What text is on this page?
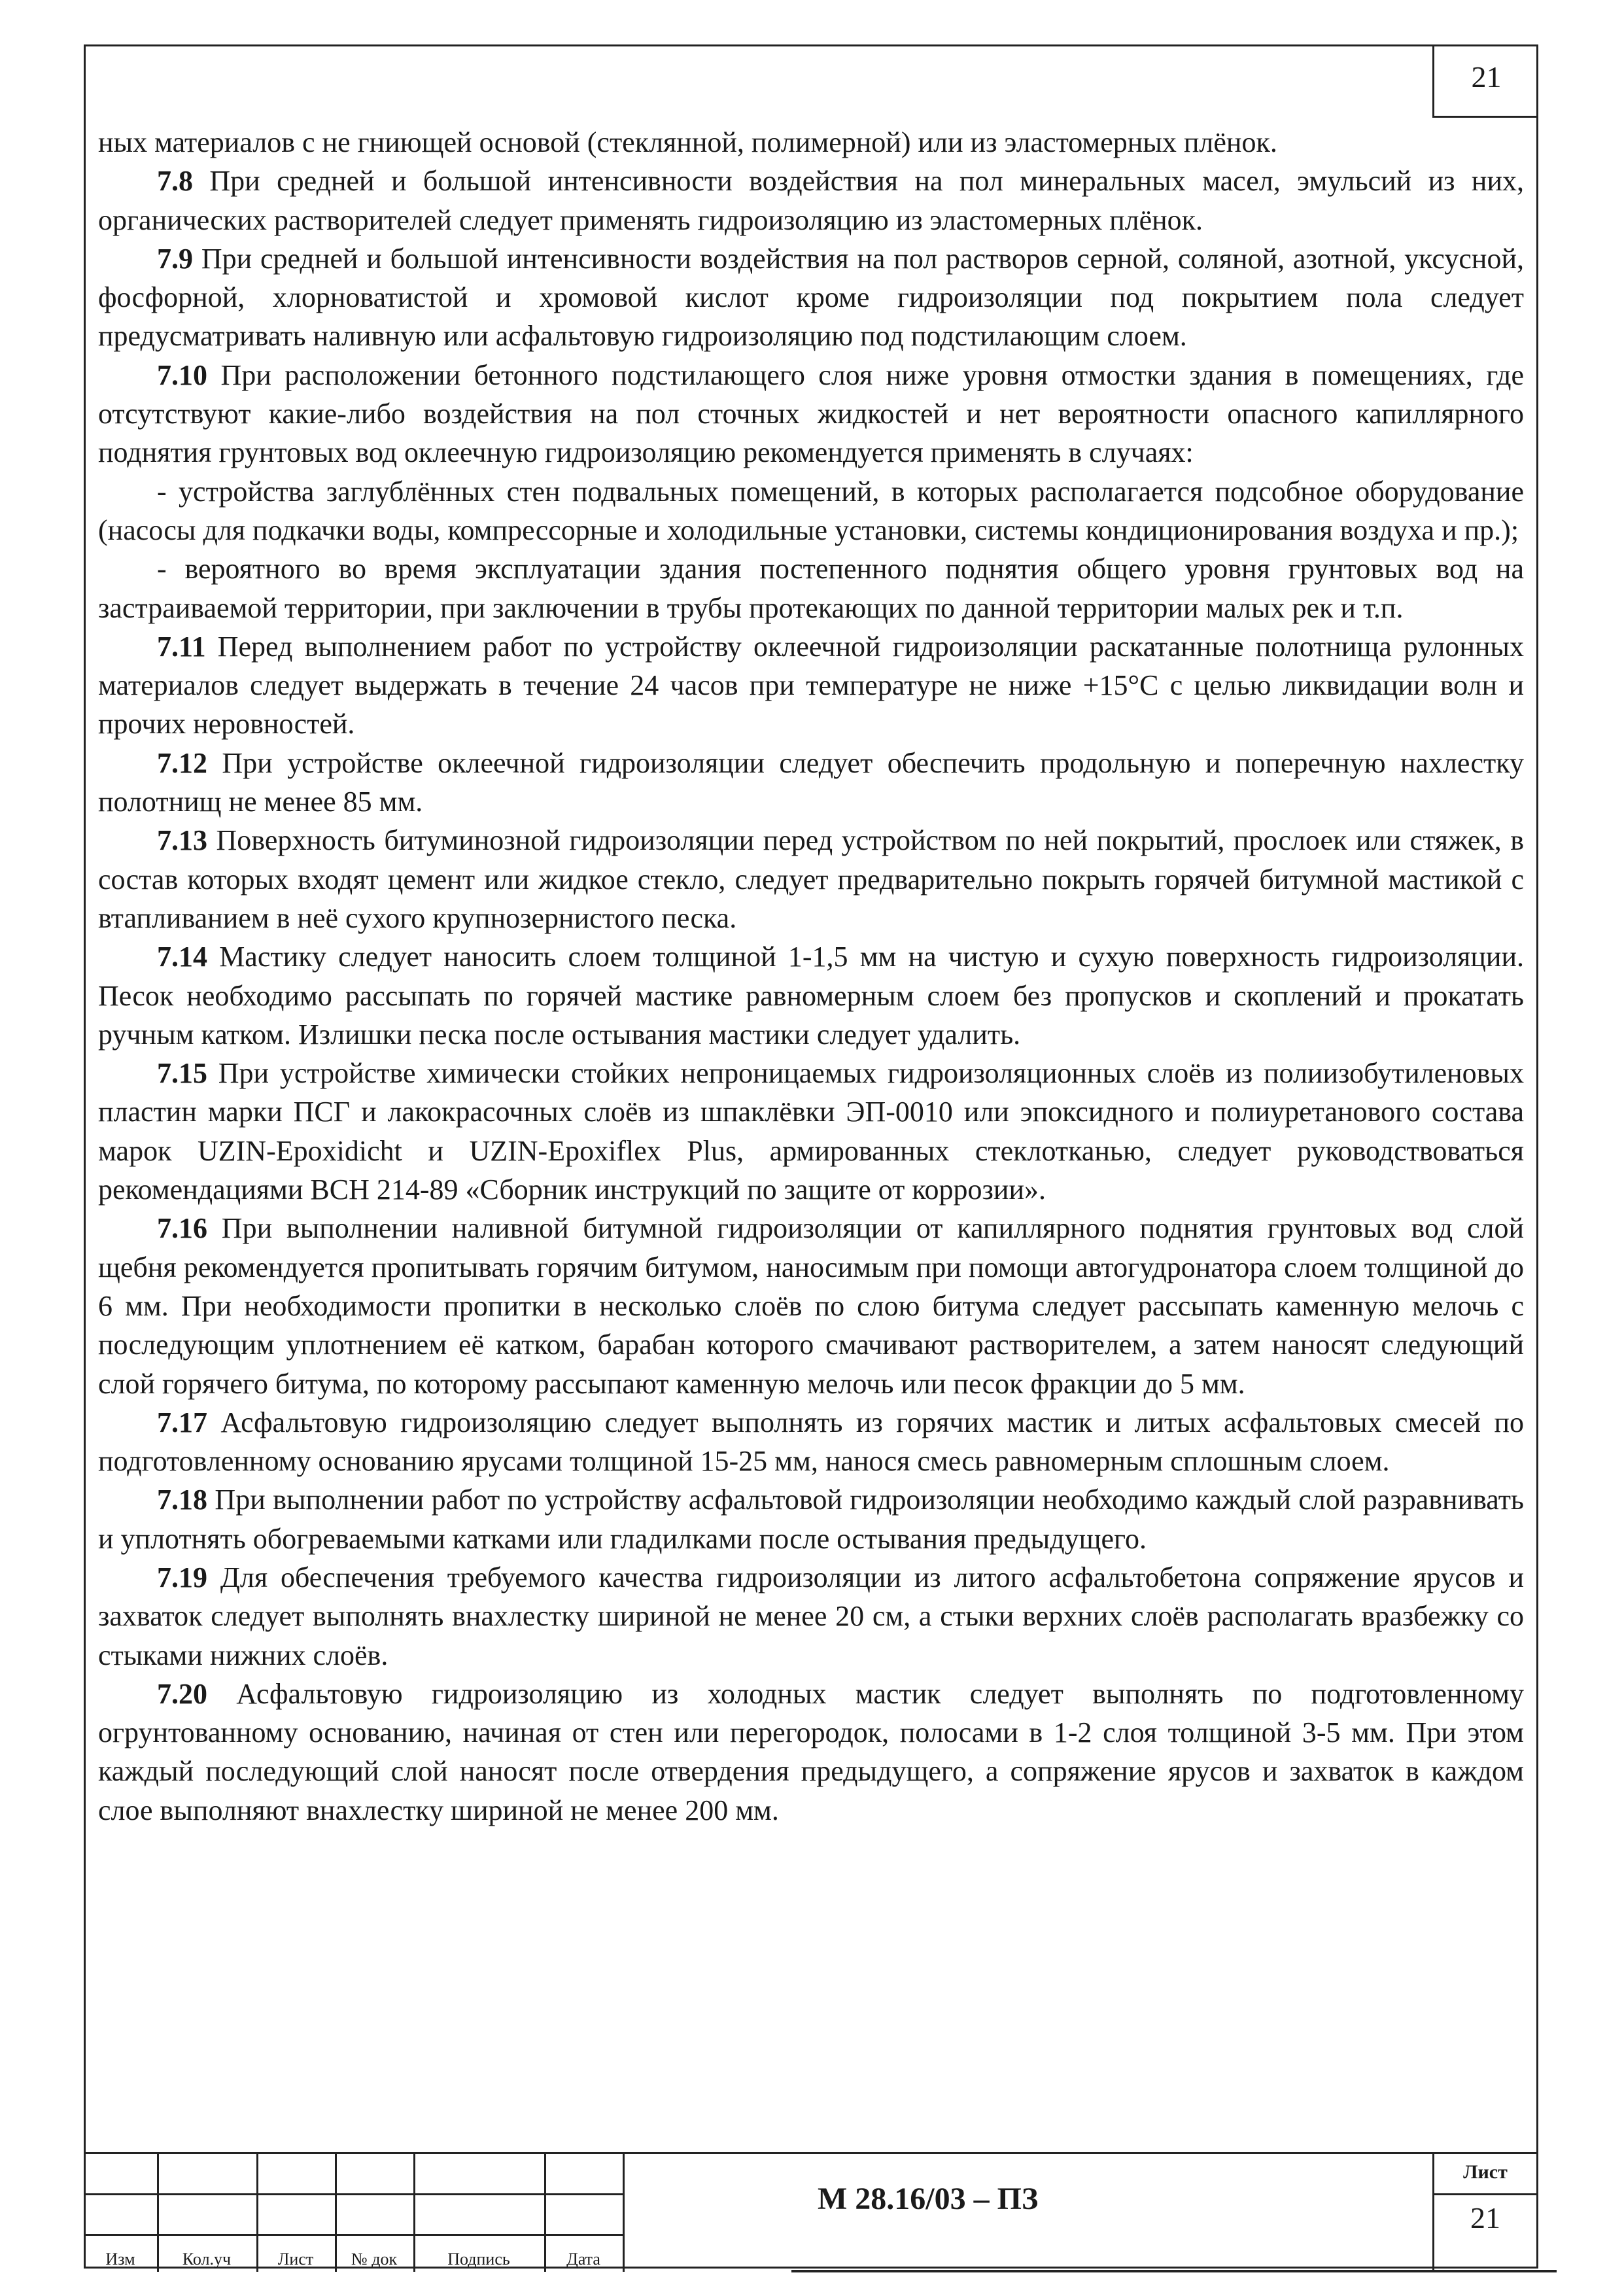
21

ных материалов с не гниющей основой (стеклянной, полимерной) или из эластомерных плёнок.

7.8 При средней и большой интенсивности воздействия на пол минеральных масел, эмульсий из них, органических растворителей следует применять гидроизоляцию из эластомерных плёнок.

7.9 При средней и большой интенсивности воздействия на пол растворов серной, соляной, азотной, уксусной, фосфорной, хлорноватистой и хромовой кислот кроме гидроизоляции под покрытием пола следует предусматривать наливную или асфальтовую гидроизоляцию под подстилающим слоем.

7.10 При расположении бетонного подстилающего слоя ниже уровня отмостки здания в помещениях, где отсутствуют какие-либо воздействия на пол сточных жидкостей и нет вероятности опасного капиллярного поднятия грунтовых вод оклеечную гидроизоляцию рекомендуется применять в случаях:

- устройства заглублённых стен подвальных помещений, в которых располагается подсобное оборудование (насосы для подкачки воды, компрессорные и холодильные установки, системы кондиционирования воздуха и пр.);

- вероятного во время эксплуатации здания постепенного поднятия общего уровня грунтовых вод на застраиваемой территории, при заключении в трубы протекающих по данной территории малых рек и т.п.

7.11 Перед выполнением работ по устройству оклеечной гидроизоляции раскатанные полотнища рулонных материалов следует выдержать в течение 24 часов при температуре не ниже +15°C с целью ликвидации волн и прочих неровностей.

7.12 При устройстве оклеечной гидроизоляции следует обеспечить продольную и поперечную нахлестку полотнищ не менее 85 мм.

7.13 Поверхность битуминозной гидроизоляции перед устройством по ней покрытий, прослоек или стяжек, в состав которых входят цемент или жидкое стекло, следует предварительно покрыть горячей битумной мастикой с втапливанием в неё сухого крупнозернистого песка.

7.14 Мастику следует наносить слоем толщиной 1-1,5 мм на чистую и сухую поверхность гидроизоляции. Песок необходимо рассыпать по горячей мастике равномерным слоем без пропусков и скоплений и прокатать ручным катком. Излишки песка после остывания мастики следует удалить.

7.15 При устройстве химически стойких непроницаемых гидроизоляционных слоёв из полиизобутиленовых пластин марки ПСГ и лакокрасочных слоёв из шпаклёвки ЭП-0010 или эпоксидного и полиуретанового состава марок UZIN-Epoxidicht и UZIN-Epoxiflex Plus, армированных стеклотканью, следует руководствоваться рекомендациями ВСН 214-89 «Сборник инструкций по защите от коррозии».

7.16 При выполнении наливной битумной гидроизоляции от капиллярного поднятия грунтовых вод слой щебня рекомендуется пропитывать горячим битумом, наносимым при помощи автогудронатора слоем толщиной до 6 мм. При необходимости пропитки в несколько слоёв по слою битума следует рассыпать каменную мелочь с последующим уплотнением её катком, барабан которого смачивают растворителем, а затем наносят следующий слой горячего битума, по которому рассыпают каменную мелочь или песок фракции до 5 мм.

7.17 Асфальтовую гидроизоляцию следует выполнять из горячих мастик и литых асфальтовых смесей по подготовленному основанию ярусами толщиной 15-25 мм, нанося смесь равномерным сплошным слоем.

7.18 При выполнении работ по устройству асфальтовой гидроизоляции необходимо каждый слой разравнивать и уплотнять обогреваемыми катками или гладилками после остывания предыдущего.

7.19 Для обеспечения требуемого качества гидроизоляции из литого асфальтобетона сопряжение ярусов и захваток следует выполнять внахлестку шириной не менее 20 см, а стыки верхних слоёв располагать вразбежку со стыками нижних слоёв.

7.20 Асфальтовую гидроизоляцию из холодных мастик следует выполнять по подготовленному огрунтованному основанию, начиная от стен или перегородок, полосами в 1-2 слоя толщиной 3-5 мм. При этом каждый последующий слой наносят после отвердения предыдущего, а сопряжение ярусов и захваток в каждом слое выполняют внахлестку шириной не менее 200 мм.

Изм	Кол.уч	Лист	№ док	Подпись	Дата
М 28.16/03 – ПЗ
Лист
21
